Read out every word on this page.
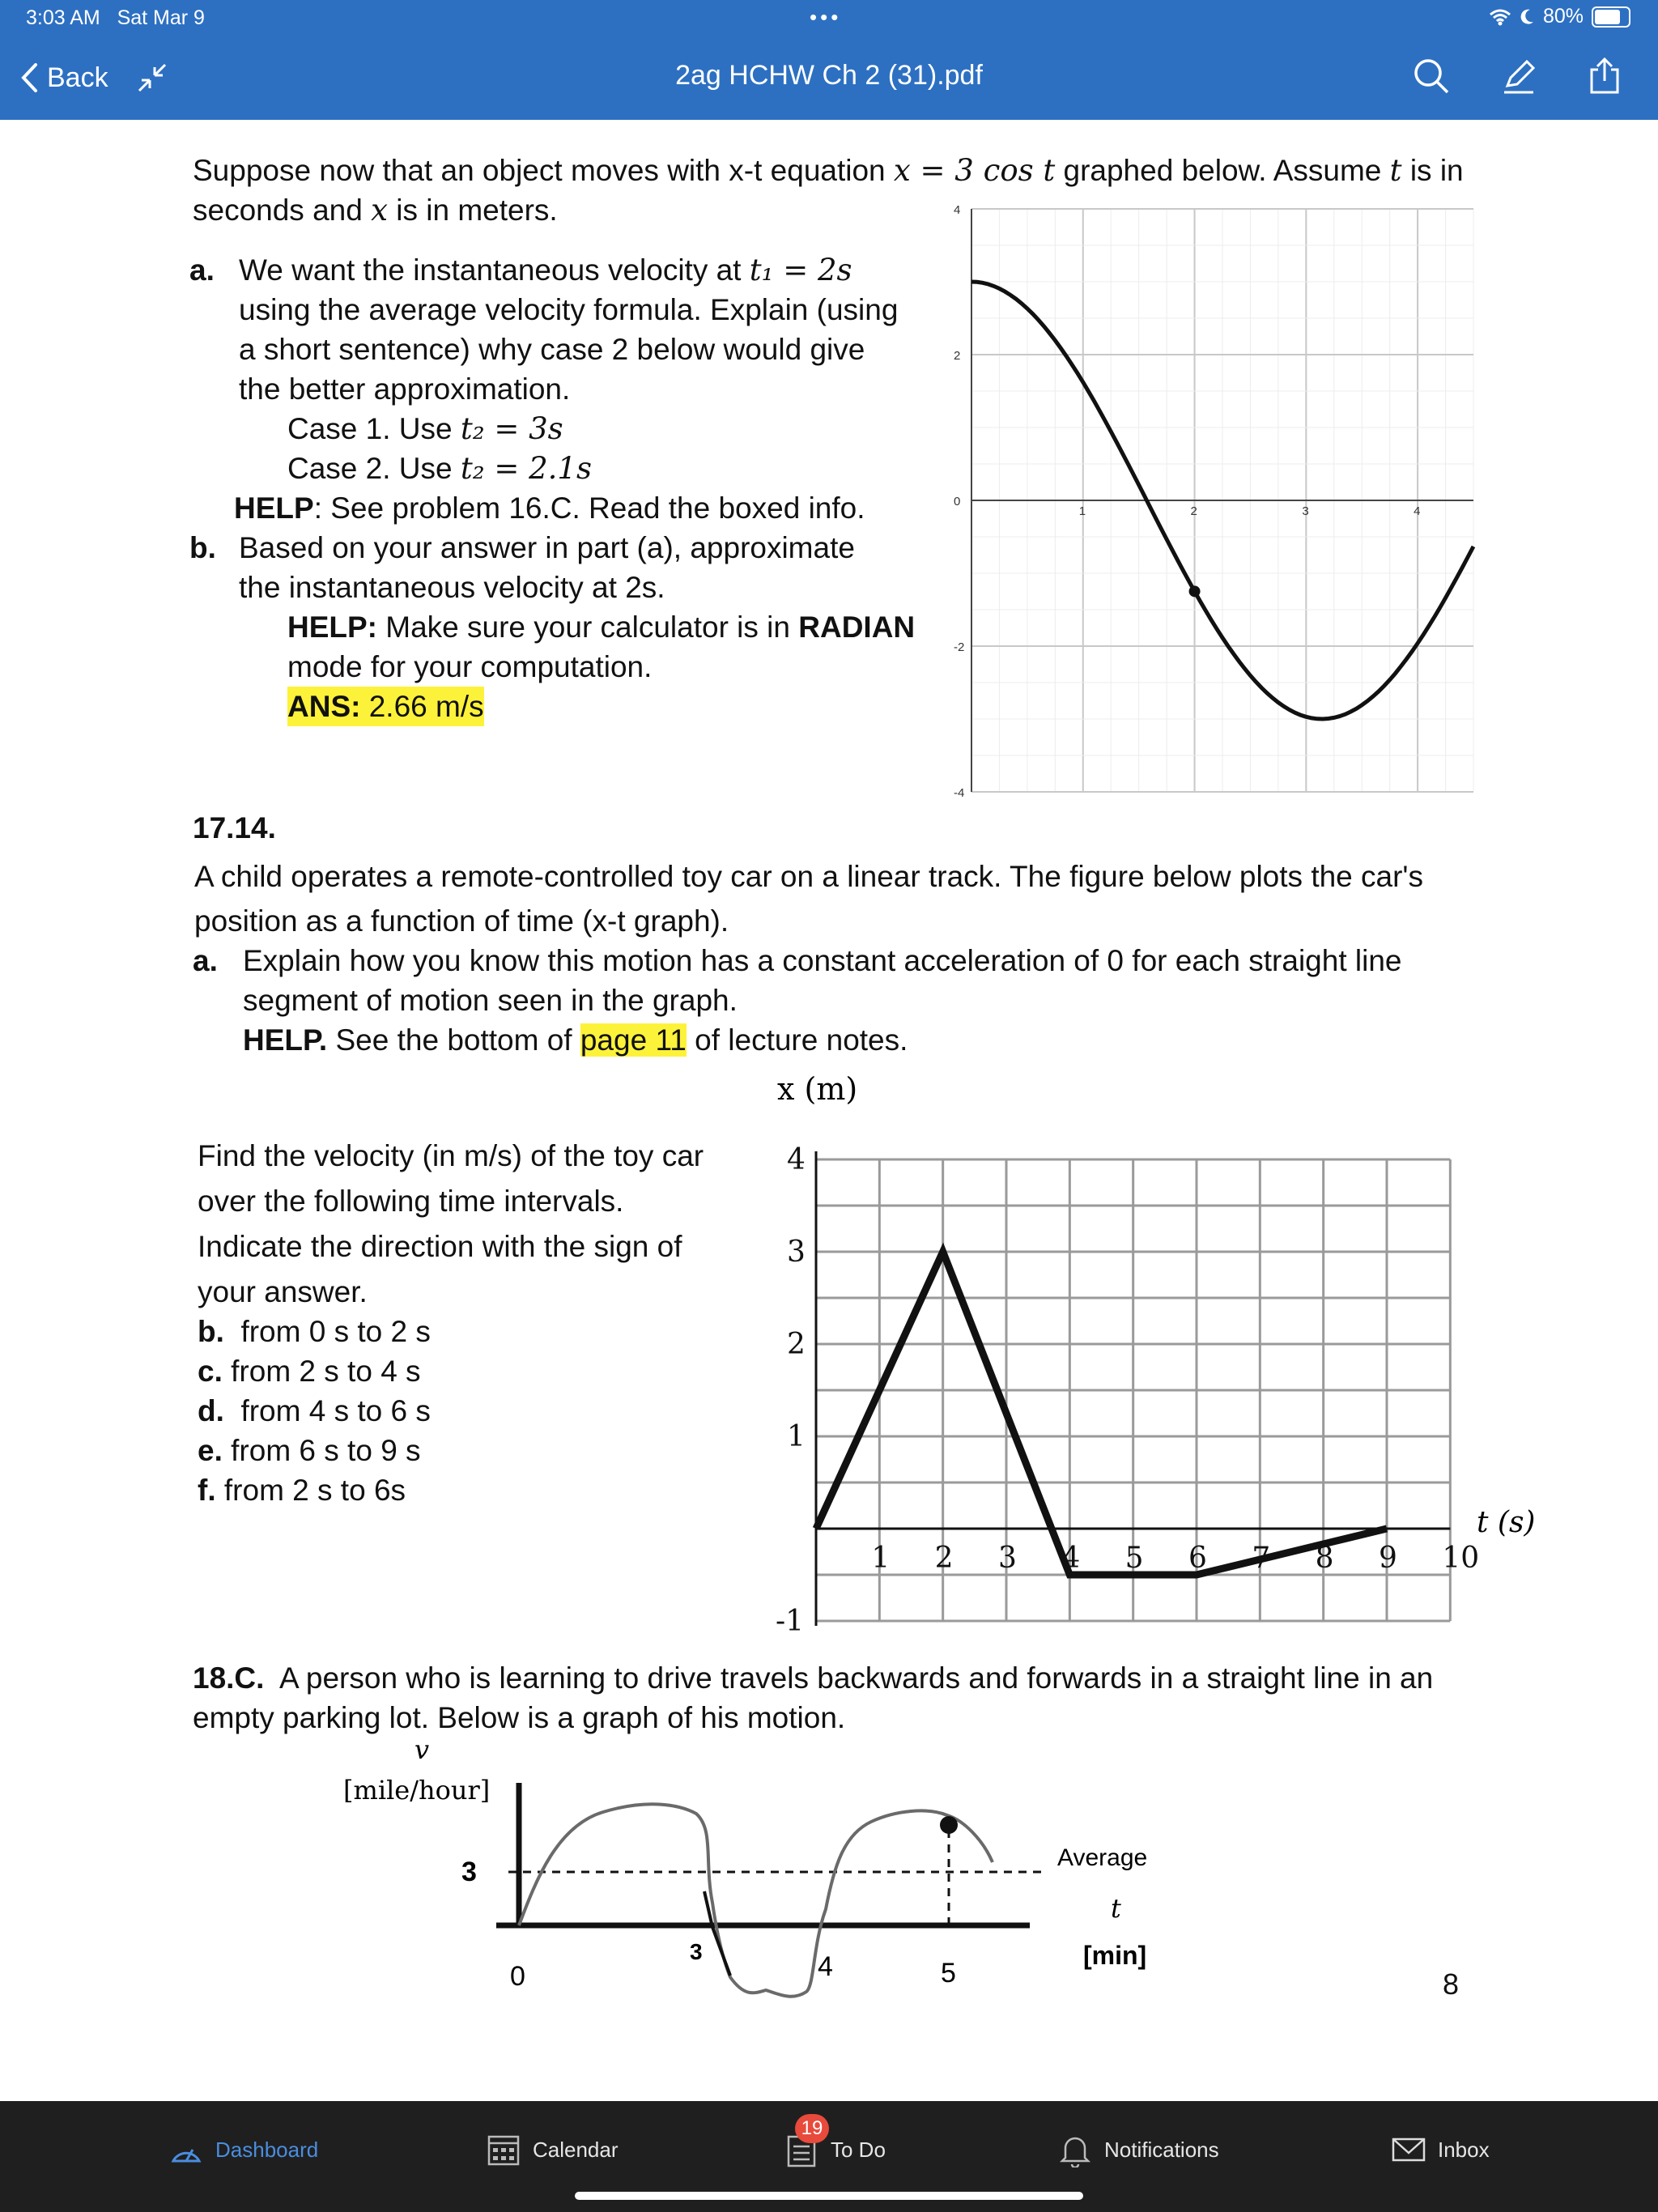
3:03 AM Sat Mar 9	•••	80%
Back	2ag HCHW Ch 2 (31).pdf
Suppose now that an object moves with x-t equation x = 3 cos t graphed below. Assume t is in
seconds and x is in meters.
a. We want the instantaneous velocity at t₁ = 2s
using the average velocity formula. Explain (using
a short sentence) why case 2 below would give
the better approximation.
Case 1. Use t₂ = 3s
Case 2. Use t₂ = 2.1s
HELP: See problem 16.C. Read the boxed info.
b. Based on your answer in part (a), approximate
the instantaneous velocity at 2s.
HELP: Make sure your calculator is in RADIAN
mode for your computation.
ANS: 2.66 m/s
1	2	3	4
4
2
0
-2
-4
17.14.
A child operates a remote-controlled toy car on a linear track. The figure below plots the car's
position as a function of time (x-t graph).
a. Explain how you know this motion has a constant acceleration of 0 for each straight line
segment of motion seen in the graph.
HELP. See the bottom of page 11 of lecture notes.
Find the velocity (in m/s) of the toy car
over the following time intervals.
Indicate the direction with the sign of
your answer.
b. from 0 s to 2 s
c. from 2 s to 4 s
d. from 4 s to 6 s
e. from 6 s to 9 s
f. from 2 s to 6s
1 2 3 4 5 6 7 8 9 10
4
3
2
1
-1
x (m)
t (s)
18.C. A person who is learning to drive travels backwards and forwards in a straight line in an
empty parking lot. Below is a graph of his motion.
v
[mile/hour]
3	Average
t
[min]
0
3	4	5	8
Dashboard	Calendar	To Do
19
Notifications	Inbox
